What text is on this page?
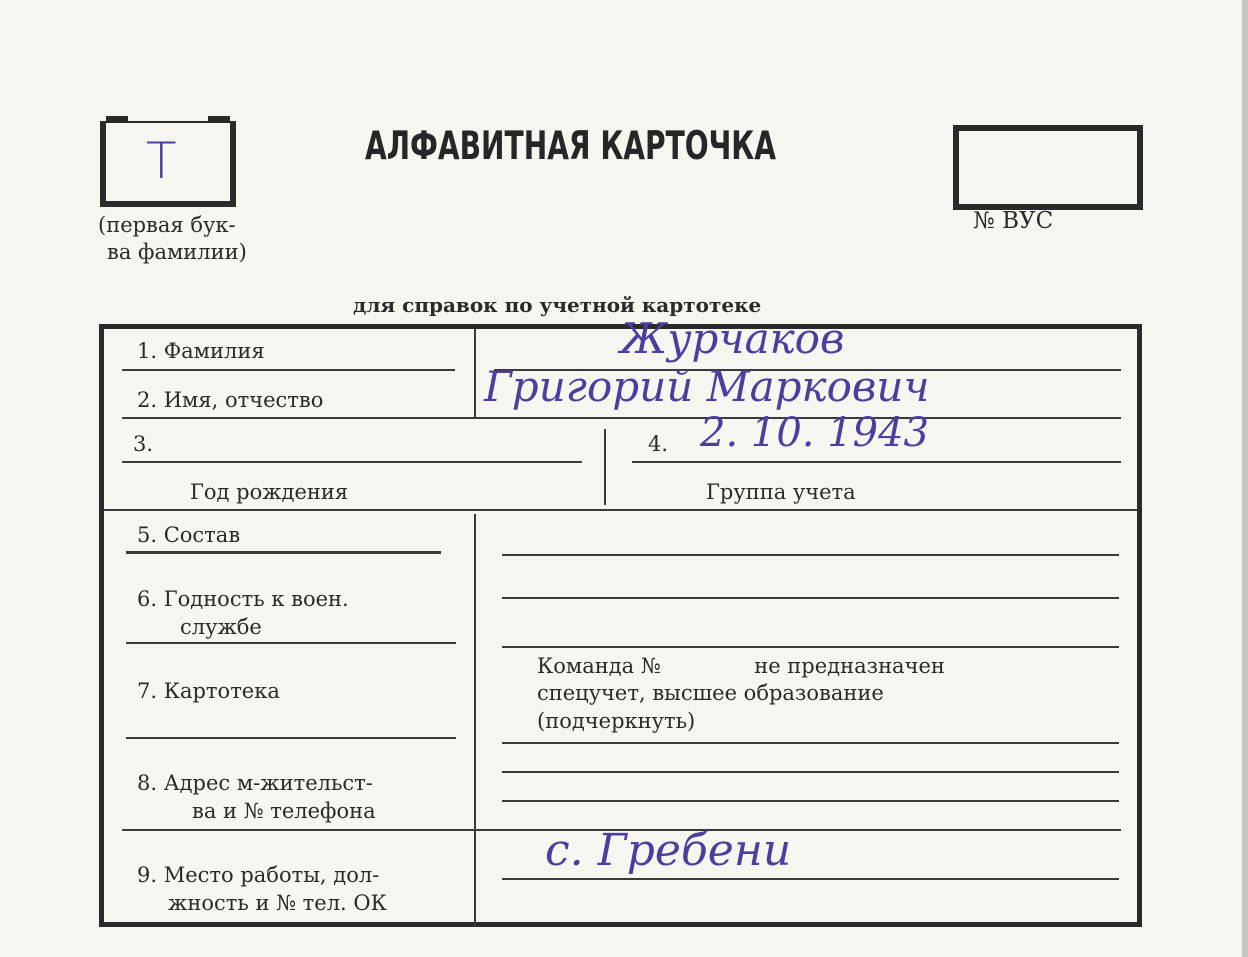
Т
(первая бук-
ва фамилии)
АЛФАВИТНАЯ КАРТОЧКА
№ ВУС
для справок по учетной картотеке
1. Фамилия
2. Имя, отчество
3.
Год рождения
4.
Группа учета
5. Состав
6. Годность к воен.
службе
7. Картотека
8. Адрес м-жительст-
ва и № телефона
9. Место работы, дол-
жность и № тел. ОК
Команда №              не предназначен
спецучет, высшее образование
(подчеркнуть)
Журчаков
Григорий Маркович
2. 10. 1943
с. Гребени
